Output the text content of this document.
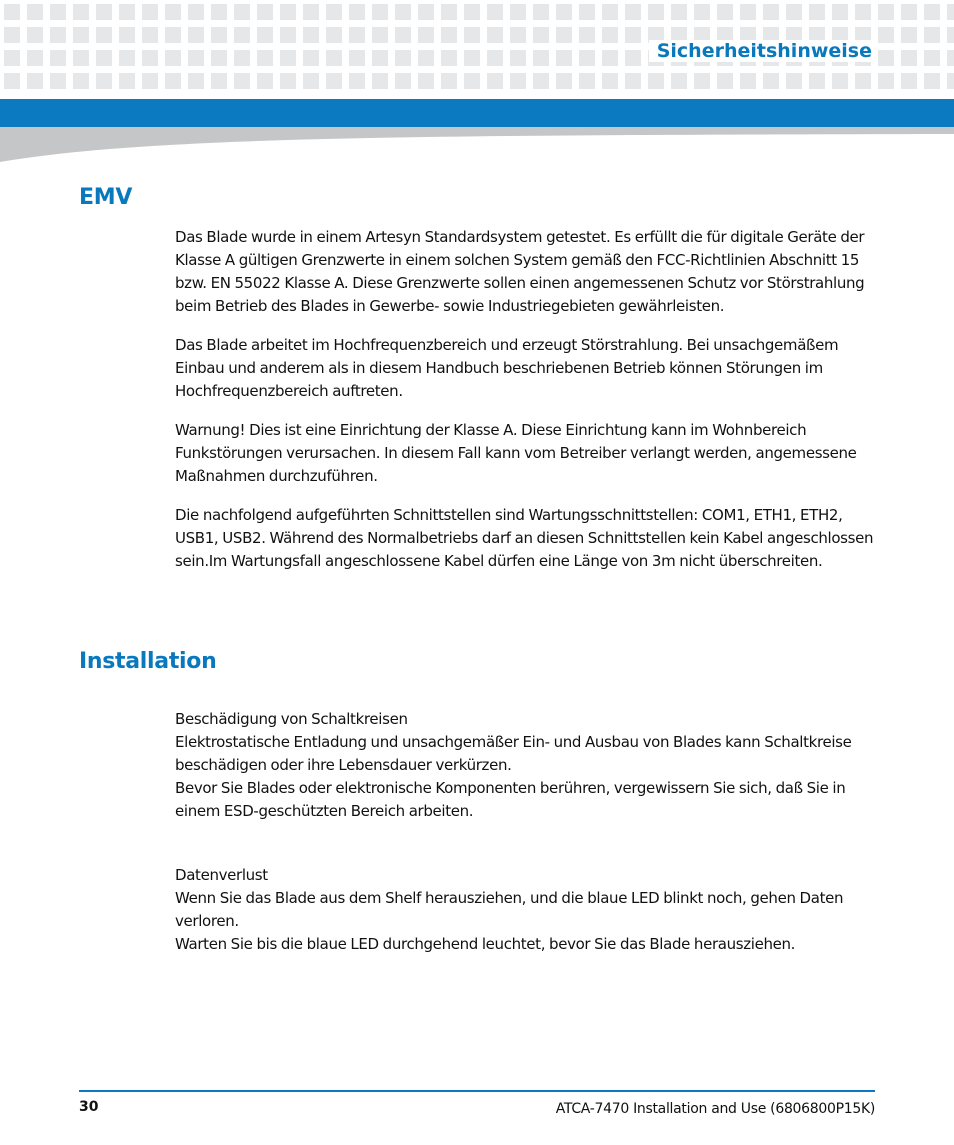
Sicherheitshinweise
EMV

Das Blade wurde in einem Artesyn Standardsystem getestet. Es erfüllt die für digitale Geräte der Klasse A gültigen Grenzwerte in einem solchen System gemäß den FCC-Richtlinien Abschnitt 15 bzw. EN 55022 Klasse A. Diese Grenzwerte sollen einen angemessenen Schutz vor Störstrahlung beim Betrieb des Blades in Gewerbe- sowie Industriegebieten gewährleisten.

Das Blade arbeitet im Hochfrequenzbereich und erzeugt Störstrahlung. Bei unsachgemäßem Einbau und anderem als in diesem Handbuch beschriebenen Betrieb können Störungen im Hochfrequenzbereich auftreten.

Warnung! Dies ist eine Einrichtung der Klasse A. Diese Einrichtung kann im Wohnbereich Funkstörungen verursachen. In diesem Fall kann vom Betreiber verlangt werden, angemessene Maßnahmen durchzuführen.

Die nachfolgend aufgeführten Schnittstellen sind Wartungsschnittstellen: COM1, ETH1, ETH2, USB1, USB2. Während des Normalbetriebs darf an diesen Schnittstellen kein Kabel angeschlossen sein.Im Wartungsfall angeschlossene Kabel dürfen eine Länge von 3m nicht überschreiten.

Installation

Beschädigung von Schaltkreisen

Elektrostatische Entladung und unsachgemäßer Ein- und Ausbau von Blades kann Schaltkreise beschädigen oder ihre Lebensdauer verkürzen.

Bevor Sie Blades oder elektronische Komponenten berühren, vergewissern Sie sich, daß Sie in einem ESD-geschützten Bereich arbeiten.

Datenverlust

Wenn Sie das Blade aus dem Shelf herausziehen, und die blaue LED blinkt noch, gehen Daten verloren.

Warten Sie bis die blaue LED durchgehend leuchtet, bevor Sie das Blade herausziehen.

30	ATCA-7470 Installation and Use (6806800P15K)
